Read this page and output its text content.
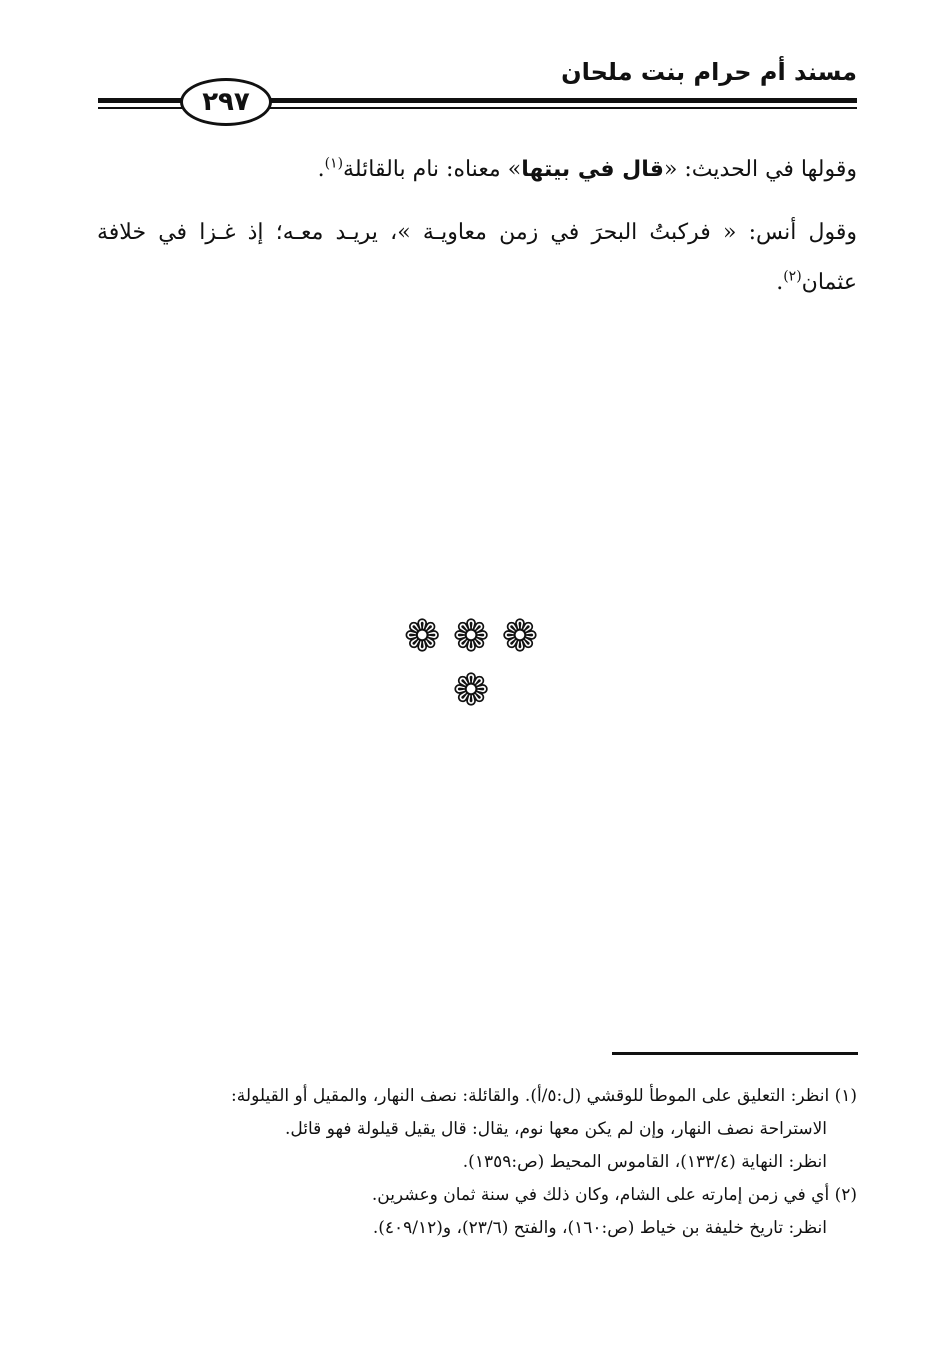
مسند أم حرام بنت ملحان
٢٩٧
وقولها في الحديث: «قال في بيتها» معناه: نام بالقائلة$^{(١)}$.
وقول أنس: « فركبتُ البحرَ في زمن معاويـة »، يريـد معـه؛ إذ غـزا في خلافة عثمان$^{(٢)}$.
❁ ❁ ❁
❁
(١) انظر: التعليق على الموطأ للوقشي (ل:٥/أ). والقائلة: نصف النهار، والمقيل أو القيلولة:
الاستراحة نصف النهار، وإن لم يكن معها نوم، يقال: قال يقيل قيلولة فهو قائل.
انظر: النهاية (١٣٣/٤)، القاموس المحيط (ص:١٣٥٩).
(٢) أي في زمن إمارته على الشام، وكان ذلك في سنة ثمان وعشرين.
انظر: تاريخ خليفة بن خياط (ص:١٦٠)، والفتح (٢٣/٦)، و(٤٠٩/١٢).
